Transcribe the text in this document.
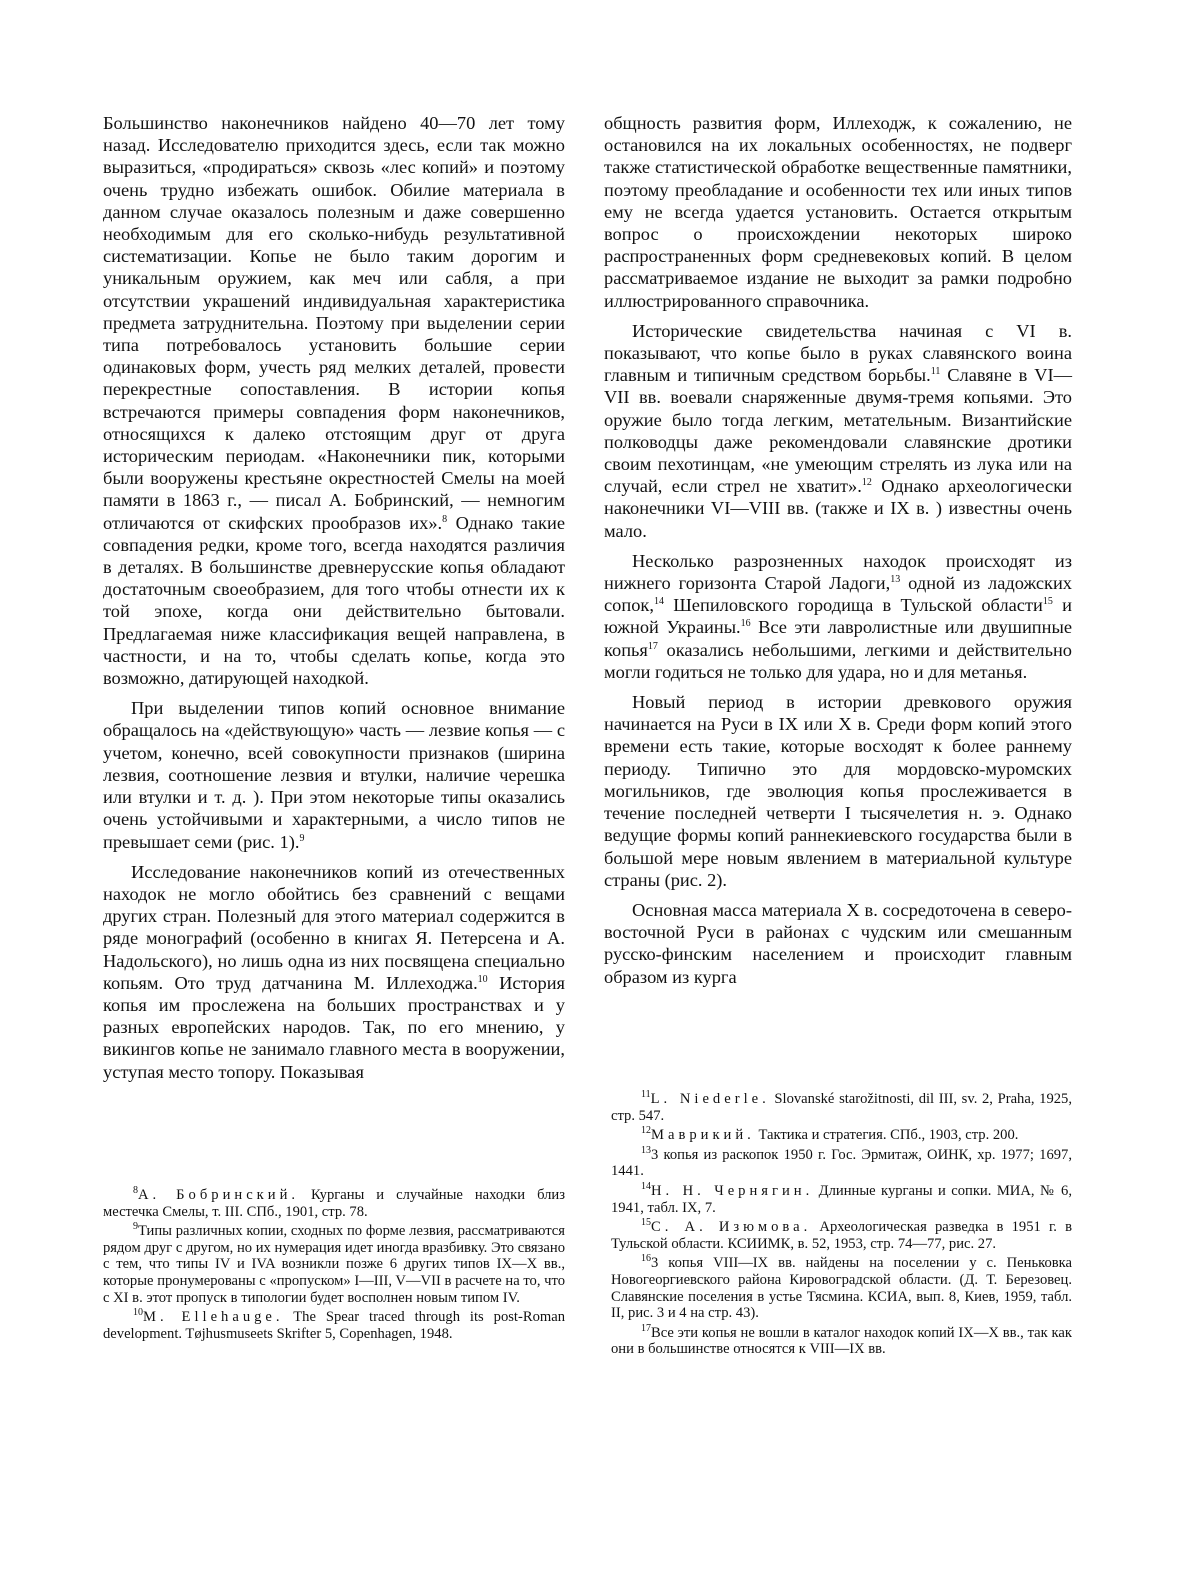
Большинство наконечников найдено 40—70 лет тому назад. Исследователю приходится здесь, если так можно выразиться, «продираться» сквозь «лес копий» и поэтому очень трудно избежать ошибок. Обилие материала в данном случае оказалось полезным и даже совершенно необходимым для его сколько-нибудь результативной систематизации. Копье не было таким дорогим и уникальным оружием, как меч или сабля, а при отсутствии украшений индивидуальная характеристика предмета затруднительна. Поэтому при выделении серии типа потребовалось установить большие серии одинаковых форм, учесть ряд мелких деталей, провести перекрестные сопоставления. В истории копья встречаются примеры совпадения форм наконечников, относящихся к далеко отстоящим друг от друга историческим периодам. «Наконечники пик, которыми были вооружены крестьяне окрестностей Смелы на моей памяти в 1863 г., — писал А. Бобринский, — немногим отличаются от скифских прообразов их».$^8$ Однако такие совпадения редки, кроме того, всегда находятся различия в деталях. В большинстве древнерусские копья обладают достаточным своеобразием, для того чтобы отнести их к той эпохе, когда они действительно бытовали. Предлагаемая ниже классификация вещей направлена, в частности, и на то, чтобы сделать копье, когда это возможно, датирующей находкой.

При выделении типов копий основное внимание обращалось на «действующую» часть — лезвие копья — с учетом, конечно, всей совокупности признаков (ширина лезвия, соотношение лезвия и втулки, наличие черешка или втулки и т. д. ). При этом некоторые типы оказались очень устойчивыми и характерными, а число типов не превышает семи (рис. 1).$^9$

Исследование наконечников копий из отечественных находок не могло обойтись без сравнений с вещами других стран. Полезный для этого материал содержится в ряде монографий (особенно в книгах Я. Петерсена и А. Надольского), но лишь одна из них посвящена специально копьям. Ото труд датчанина М. Иллеходжа.$^{10}$ История копья им прослежена на больших пространствах и у разных европейских народов. Так, по его мнению, у викингов копье не занимало главного места в вооружении, уступая место топору. Показывая

общность развития форм, Иллеходж, к сожалению, не остановился на их локальных особенностях, не подверг также статистической обработке вещественные памятники, поэтому преобладание и особенности тех или иных типов ему не всегда удается установить. Остается открытым вопрос о происхождении некоторых широко распространенных форм средневековых копий. В целом рассматриваемое издание не выходит за рамки подробно иллюстрированного справочника.

Исторические свидетельства начиная с VI в. показывают, что копье было в руках славянского воина главным и типичным средством борьбы.$^{11}$ Славяне в VI—VII вв. воевали снаряженные двумя-тремя копьями. Это оружие было тогда легким, метательным. Византийские полководцы даже рекомендовали славянские дротики своим пехотинцам, «не умеющим стрелять из лука или на случай, если стрел не хватит».$^{12}$ Однако археологически наконечники VI—VIII вв. (также и IX в. ) известны очень мало.

Несколько разрозненных находок происходят из нижнего горизонта Старой Ладоги,$^{13}$ одной из ладожских сопок,$^{14}$ Шепиловского городища в Тульской области$^{15}$ и южной Украины.$^{16}$ Все эти лавролистные или двушипные копья$^{17}$ оказались небольшими, легкими и действительно могли годиться не только для удара, но и для метанья.

Новый период в истории древкового оружия начинается на Руси в IX или X в. Среди форм копий этого времени есть такие, которые восходят к более раннему периоду. Типично это для мордовско-муромских могильников, где эволюция копья прослеживается в течение последней четверти I тысячелетия н. э. Однако ведущие формы копий раннекиевского государства были в большой мере новым явлением в материальной культуре страны (рис. 2).

Основная масса материала X в. сосредоточена в северо-восточной Руси в районах с чудским или смешанным русско-финским населением и происходит главным образом из курга

$^8$А. Бобринский. Курганы и случайные находки близ местечка Смелы, т. III. СПб., 1901, стр. 78.

$^9$Типы различных копии, сходных по форме лезвия, рассматриваются рядом друг с другом, но их нумерация идет иногда вразбивку. Это связано с тем, что типы IV и IVA возникли позже 6 других типов IX—X вв., которые пронумерованы с «пропуском» I—III, V—VII в расчете на то, что с XI в. этот пропуск в типологии будет восполнен новым типом IV.

$^{10}$M. Ellehauge. The Spear traced through its post-Roman development. Tøjhusmuseets Skrifter 5, Copenhagen, 1948.

$^{11}$L. Niederle. Slovanské starožitnosti, dil III, sv. 2, Praha, 1925, стр. 547.

$^{12}$Маврикий. Тактика и стратегия. СПб., 1903, стр. 200.

$^{13}$3 копья из раскопок 1950 г. Гос. Эрмитаж, ОИНК, хр. 1977; 1697, 1441.

$^{14}$Н. Н. Чернягин. Длинные курганы и сопки. МИА, № 6, 1941, табл. IX, 7.

$^{15}$С. А. Изюмова. Археологическая разведка в 1951 г. в Тульской области. КСИИМК, в. 52, 1953, стр. 74—77, рис. 27.

$^{16}$3 копья VIII—IX вв. найдены на поселении у с. Пеньковка Новогеоргиевского района Кировоградской области. (Д. Т. Березовец. Славянские поселения в устье Тясмина. КСИА, вып. 8, Киев, 1959, табл. II, рис. 3 и 4 на стр. 43).

$^{17}$Все эти копья не вошли в каталог находок копий IX—X вв., так как они в большинстве относятся к VIII—IX вв.
